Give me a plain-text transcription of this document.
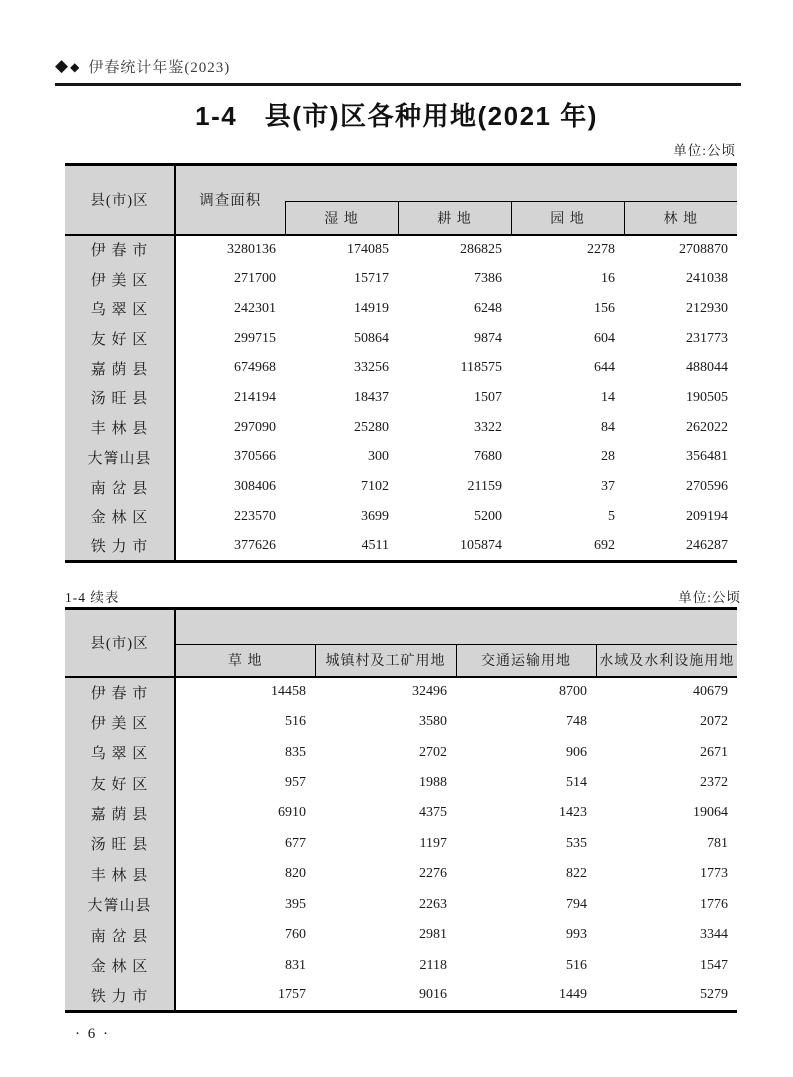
◆ ◆ 伊春统计年鉴(2023)
1-4　县(市)区各种用地(2021 年)
单位:公顷
县(市)区	调查面积				
		湿 地	耕 地	园 地	林 地
伊 春 市	3280136	174085	286825	2278	2708870
伊 美 区	271700	15717	7386	16	241038
乌 翠 区	242301	14919	6248	156	212930
友 好 区	299715	50864	9874	604	231773
嘉 荫 县	674968	33256	118575	644	488044
汤 旺 县	214194	18437	1507	14	190505
丰 林 县	297090	25280	3322	84	262022
大箐山县	370566	300	7680	28	356481
南 岔 县	308406	7102	21159	37	270596
金 林 区	223570	3699	5200	5	209194
铁 力 市	377626	4511	105874	692	246287
1-4 续表	单位:公顷
县(市)区				
	草 地	城镇村及工矿用地	交通运输用地	水域及水利设施用地
伊 春 市	14458	32496	8700	40679
伊 美 区	516	3580	748	2072
乌 翠 区	835	2702	906	2671
友 好 区	957	1988	514	2372
嘉 荫 县	6910	4375	1423	19064
汤 旺 县	677	1197	535	781
丰 林 县	820	2276	822	1773
大箐山县	395	2263	794	1776
南 岔 县	760	2981	993	3344
金 林 区	831	2118	516	1547
铁 力 市	1757	9016	1449	5279
· 6 ·
